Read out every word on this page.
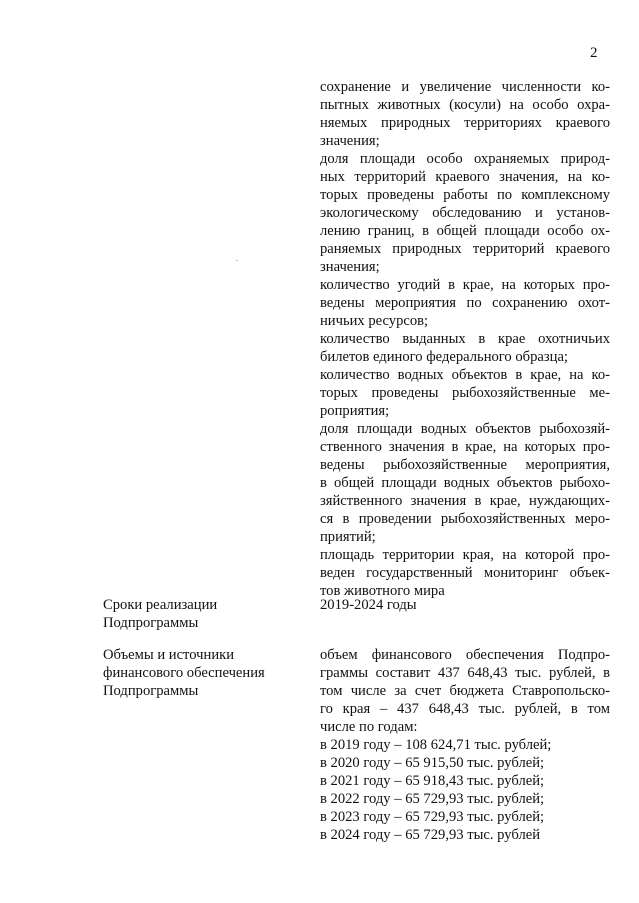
2
сохранение и увеличение численности ко-
пытных животных (косули) на особо охра-
няемых природных территориях краевого
значения;
доля площади особо охраняемых природ-
ных территорий краевого значения, на ко-
торых проведены работы по комплексному
экологическому обследованию и установ-
лению границ, в общей площади особо ох-
раняемых природных территорий краевого
значения;
количество угодий в крае, на которых про-
ведены мероприятия по сохранению охот-
ничьих ресурсов;
количество выданных в крае охотничьих
билетов единого федерального образца;
количество водных объектов в крае, на ко-
торых проведены рыбохозяйственные ме-
роприятия;
доля площади водных объектов рыбохозяй-
ственного значения в крае, на которых про-
ведены рыбохозяйственные мероприятия,
в общей площади водных объектов рыбохо-
зяйственного значения в крае, нуждающих-
ся в проведении рыбохозяйственных меро-
приятий;
площадь территории края, на которой про-
веден государственный мониторинг объек-
тов животного мира
Сроки реализации
Подпрограммы
2019-2024 годы
Объемы и источники
финансового обеспечения
Подпрограммы
объем финансового обеспечения Подпро-
граммы составит 437 648,43 тыс. рублей, в
том числе за счет бюджета Ставропольско-
го края – 437 648,43 тыс. рублей, в том
числе по годам:
в 2019 году – 108 624,71 тыс. рублей;
в 2020 году – 65 915,50 тыс. рублей;
в 2021 году – 65 918,43 тыс. рублей;
в 2022 году – 65 729,93 тыс. рублей;
в 2023 году – 65 729,93 тыс. рублей;
в 2024 году – 65 729,93 тыс. рублей
